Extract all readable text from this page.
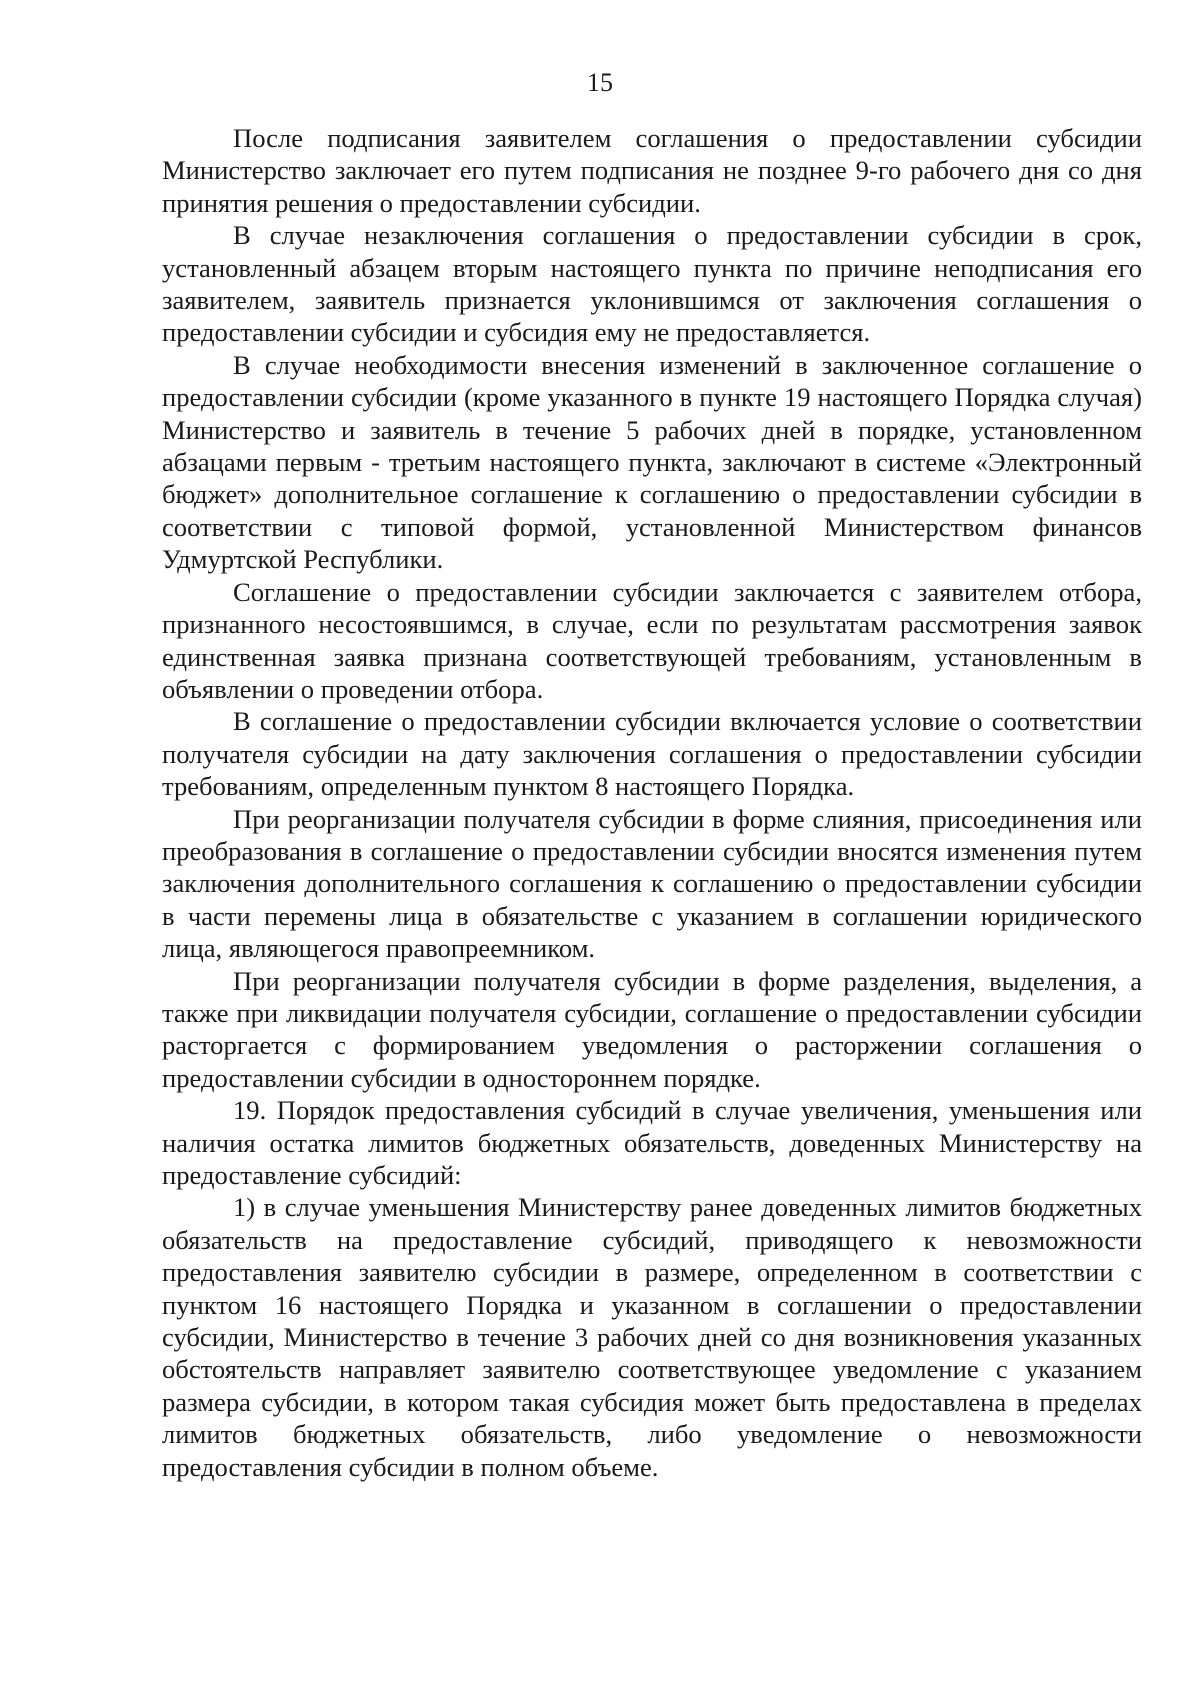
15

После подписания заявителем соглашения о предоставлении субсидии Министерство заключает его путем подписания не позднее 9-го рабочего дня со дня принятия решения о предоставлении субсидии.

В случае незаключения соглашения о предоставлении субсидии в срок, установленный абзацем вторым настоящего пункта по причине неподписания его заявителем, заявитель признается уклонившимся от заключения соглашения о предоставлении субсидии и субсидия ему не предоставляется.

В случае необходимости внесения изменений в заключенное соглашение о предоставлении субсидии (кроме указанного в пункте 19 настоящего Порядка случая) Министерство и заявитель в течение 5 рабочих дней в порядке, установленном абзацами первым - третьим настоящего пункта, заключают в системе «Электронный бюджет» дополнительное соглашение к соглашению о предоставлении субсидии в соответствии с типовой формой, установленной Министерством финансов Удмуртской Республики.

Соглашение о предоставлении субсидии заключается с заявителем отбора, признанного несостоявшимся, в случае, если по результатам рассмотрения заявок единственная заявка признана соответствующей требованиям, установленным в объявлении о проведении отбора.

В соглашение о предоставлении субсидии включается условие о соответствии получателя субсидии на дату заключения соглашения о предоставлении субсидии требованиям, определенным пунктом 8 настоящего Порядка.

При реорганизации получателя субсидии в форме слияния, присоединения или преобразования в соглашение о предоставлении субсидии вносятся изменения путем заключения дополнительного соглашения к соглашению о предоставлении субсидии в части перемены лица в обязательстве с указанием в соглашении юридического лица, являющегося правопреемником.

При реорганизации получателя субсидии в форме разделения, выделения, а также при ликвидации получателя субсидии, соглашение о предоставлении субсидии расторгается с формированием уведомления о расторжении соглашения о предоставлении субсидии в одностороннем порядке.

19. Порядок предоставления субсидий в случае увеличения, уменьшения или наличия остатка лимитов бюджетных обязательств, доведенных Министерству на предоставление субсидий:

1) в случае уменьшения Министерству ранее доведенных лимитов бюджетных обязательств на предоставление субсидий, приводящего к невозможности предоставления заявителю субсидии в размере, определенном в соответствии с пунктом 16 настоящего Порядка и указанном в соглашении о предоставлении субсидии, Министерство в течение 3 рабочих дней со дня возникновения указанных обстоятельств направляет заявителю соответствующее уведомление с указанием размера субсидии, в котором такая субсидия может быть предоставлена в пределах лимитов бюджетных обязательств, либо уведомление о невозможности предоставления субсидии в полном объеме.
